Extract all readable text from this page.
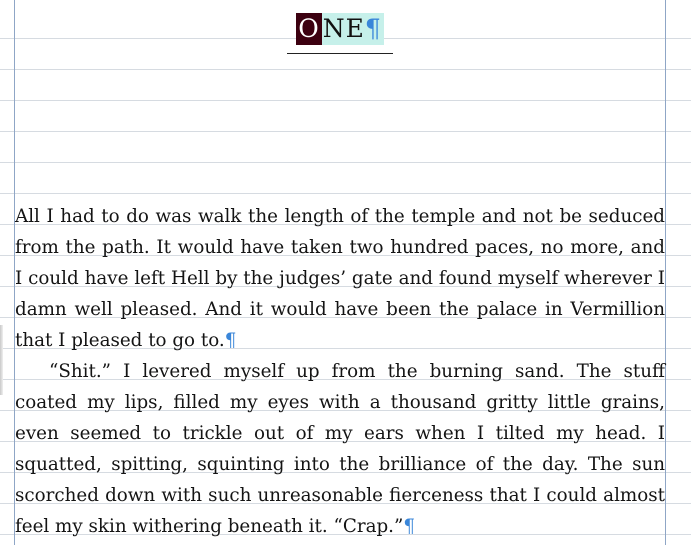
O NE¶

All I had to do was walk the length of the temple and not be seduced from the path. It would have taken two hundred paces, no more, and I could have left Hell by the judges’ gate and found myself wherever I damn well pleased. And it would have been the palace in Vermillion that I pleased to go to.¶

“Shit.” I levered myself up from the burning sand. The stuff coated my lips, filled my eyes with a thousand gritty little grains, even seemed to trickle out of my ears when I tilted my head. I squatted, spitting, squinting into the brilliance of the day. The sun scorched down with such unreasonable fierceness that I could almost feel my skin withering beneath it. “Crap.”¶
